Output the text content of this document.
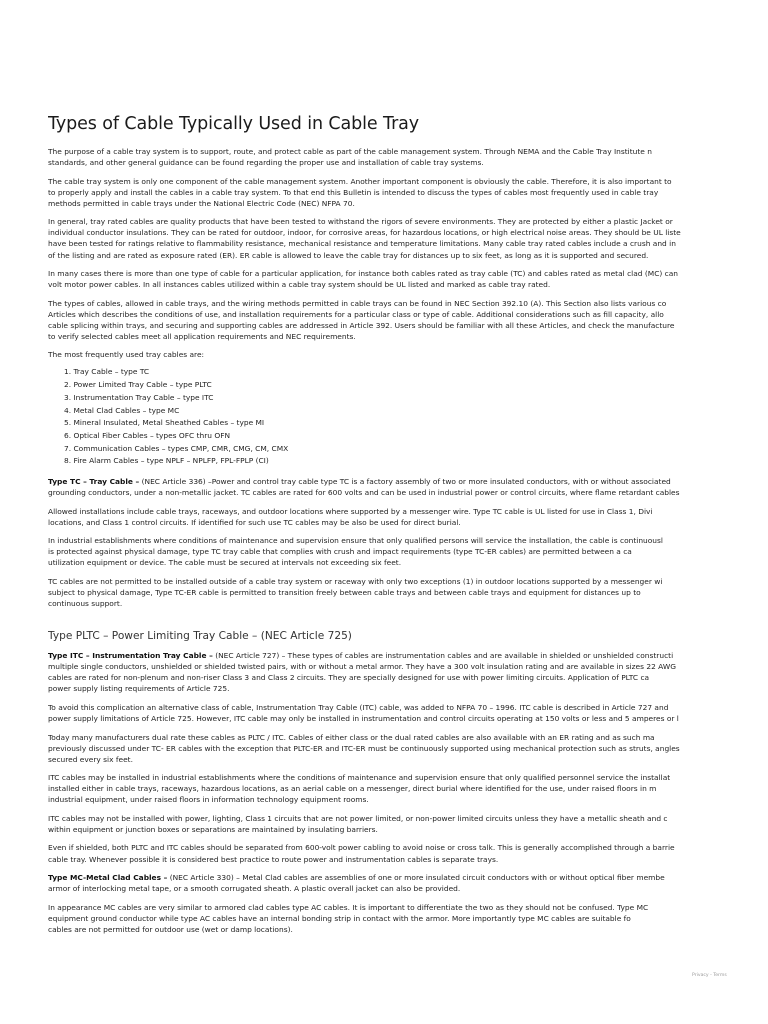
Types of Cable Typically Used in Cable Tray

The purpose of a cable tray system is to support, route, and protect cable as part of the cable management system. Through NEMA and the Cable Tray Institute n

standards, and other general guidance can be found regarding the proper use and installation of cable tray systems.

The cable tray system is only one component of the cable management system. Another important component is obviously the cable. Therefore, it is also important to

to properly apply and install the cables in a cable tray system. To that end this Bulletin is intended to discuss the types of cables most frequently used in cable tray

methods permitted in cable trays under the National Electric Code (NEC) NFPA 70.

In general, tray rated cables are quality products that have been tested to withstand the rigors of severe environments. They are protected by either a plastic Jacket or

individual conductor insulations. They can be rated for outdoor, indoor, for corrosive areas, for hazardous locations, or high electrical noise areas. They should be UL liste

have been tested for ratings relative to flammability resistance, mechanical resistance and temperature limitations. Many cable tray rated cables include a crush and in

of the listing and are rated as exposure rated (ER). ER cable is allowed to leave the cable tray for distances up to six feet, as long as it is supported and secured.

In many cases there is more than one type of cable for a particular application, for instance both cables rated as tray cable (TC) and cables rated as metal clad (MC) can

volt motor power cables. In all instances cables utilized within a cable tray system should be UL listed and marked as cable tray rated.

The types of cables, allowed in cable trays, and the wiring methods permitted in cable trays can be found in NEC Section 392.10 (A). This Section also lists various co

Articles which describes the conditions of use, and installation requirements for a particular class or type of cable. Additional considerations such as fill capacity, allo

cable splicing within trays, and securing and supporting cables are addressed in Article 392. Users should be familiar with all these Articles, and check the manufacture

to verify selected cables meet all application requirements and NEC requirements.

The most frequently used tray cables are:

1. Tray Cable – type TC
2. Power Limited Tray Cable – type PLTC
3. Instrumentation Tray Cable – type ITC
4. Metal Clad Cables – type MC
5. Mineral Insulated, Metal Sheathed Cables – type MI
6. Optical Fiber Cables – types OFC thru OFN
7. Communication Cables – types CMP, CMR, CMG, CM, CMX
8. Fire Alarm Cables – type NPLF – NPLFP, FPL-FPLP (CI)

Type TC – Tray Cable – (NEC Article 336) –Power and control tray cable type TC is a factory assembly of two or more insulated conductors, with or without associated

grounding conductors, under a non-metallic jacket. TC cables are rated for 600 volts and can be used in industrial power or control circuits, where flame retardant cables

Allowed installations include cable trays, raceways, and outdoor locations where supported by a messenger wire. Type TC cable is UL listed for use in Class 1, Divi

locations, and Class 1 control circuits. If identified for such use TC cables may be also be used for direct burial.

In industrial establishments where conditions of maintenance and supervision ensure that only qualified persons will service the installation, the cable is continuousl

is protected against physical damage, type TC tray cable that complies with crush and impact requirements (type TC-ER cables) are permitted between a ca

utilization equipment or device. The cable must be secured at intervals not exceeding six feet.

TC cables are not permitted to be installed outside of a cable tray system or raceway with only two exceptions (1) in outdoor locations supported by a messenger wi

subject to physical damage, Type TC-ER cable is permitted to transition freely between cable trays and between cable trays and equipment for distances up to

continuous support.

Type PLTC – Power Limiting Tray Cable – (NEC Article 725)

Type ITC – Instrumentation Tray Cable – (NEC Article 727) – These types of cables are instrumentation cables and are available in shielded or unshielded constructi

multiple single conductors, unshielded or shielded twisted pairs, with or without a metal armor. They have a 300 volt insulation rating and are available in sizes 22 AWG

cables are rated for non-plenum and non-riser Class 3 and Class 2 circuits. They are specially designed for use with power limiting circuits. Application of PLTC ca

power supply listing requirements of Article 725.

To avoid this complication an alternative class of cable, Instrumentation Tray Cable (ITC) cable, was added to NFPA 70 – 1996. ITC cable is described in Article 727 and

power supply limitations of Article 725. However, ITC cable may only be installed in instrumentation and control circuits operating at 150 volts or less and 5 amperes or l

Today many manufacturers dual rate these cables as PLTC / ITC. Cables of either class or the dual rated cables are also available with an ER rating and as such ma

previously discussed under TC- ER cables with the exception that PLTC-ER and ITC-ER must be continuously supported using mechanical protection such as struts, angles

secured every six feet.

ITC cables may be installed in industrial establishments where the conditions of maintenance and supervision ensure that only qualified personnel service the installat

installed either in cable trays, raceways, hazardous locations, as an aerial cable on a messenger, direct burial where identified for the use, under raised floors in m

industrial equipment, under raised floors in information technology equipment rooms.

ITC cables may not be installed with power, lighting, Class 1 circuits that are not power limited, or non-power limited circuits unless they have a metallic sheath and c

within equipment or junction boxes or separations are maintained by insulating barriers.

Even if shielded, both PLTC and ITC cables should be separated from 600-volt power cabling to avoid noise or cross talk. This is generally accomplished through a barrie

cable tray. Whenever possible it is considered best practice to route power and instrumentation cables is separate trays.

Type MC-Metal Clad Cables – (NEC Article 330) – Metal Clad cables are assemblies of one or more insulated circuit conductors with or without optical fiber membe

armor of interlocking metal tape, or a smooth corrugated sheath. A plastic overall jacket can also be provided.

In appearance MC cables are very similar to armored clad cables type AC cables. It is important to differentiate the two as they should not be confused. Type MC

equipment ground conductor while type AC cables have an internal bonding strip in contact with the armor. More importantly type MC cables are suitable fo

cables are not permitted for outdoor use (wet or damp locations).

Privacy - Terms
